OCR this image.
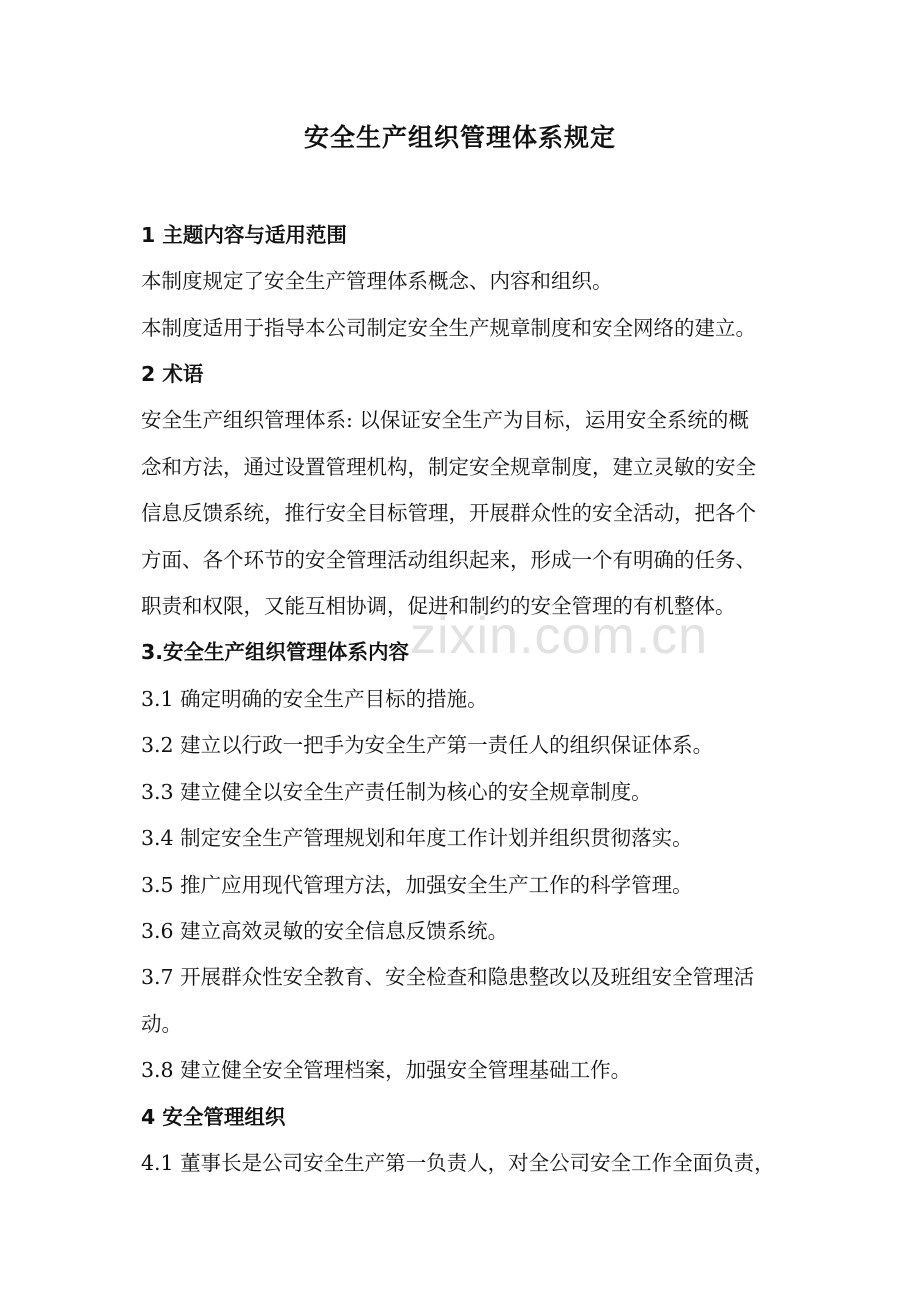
安全生产组织管理体系规定
1 主题内容与适用范围
本制度规定了安全生产管理体系概念、内容和组织。
本制度适用于指导本公司制定安全生产规章制度和安全网络的建立。
2 术语
安全生产组织管理体系: 以保证安全生产为目标，运用安全系统的概
念和方法，通过设置管理机构，制定安全规章制度，建立灵敏的安全
信息反馈系统，推行安全目标管理，开展群众性的安全活动，把各个
方面、各个环节的安全管理活动组织起来，形成一个有明确的任务、
职责和权限，又能互相协调，促进和制约的安全管理的有机整体。
3.安全生产组织管理体系内容
3.1 确定明确的安全生产目标的措施。
3.2 建立以行政一把手为安全生产第一责任人的组织保证体系。
3.3 建立健全以安全生产责任制为核心的安全规章制度。
3.4 制定安全生产管理规划和年度工作计划并组织贯彻落实。
3.5 推广应用现代管理方法，加强安全生产工作的科学管理。
3.6 建立高效灵敏的安全信息反馈系统。
3.7 开展群众性安全教育、安全检查和隐患整改以及班组安全管理活
动。
3.8 建立健全安全管理档案，加强安全管理基础工作。
4 安全管理组织
4.1 董事长是公司安全生产第一负责人，对全公司安全工作全面负责，
zixin.com.cn
